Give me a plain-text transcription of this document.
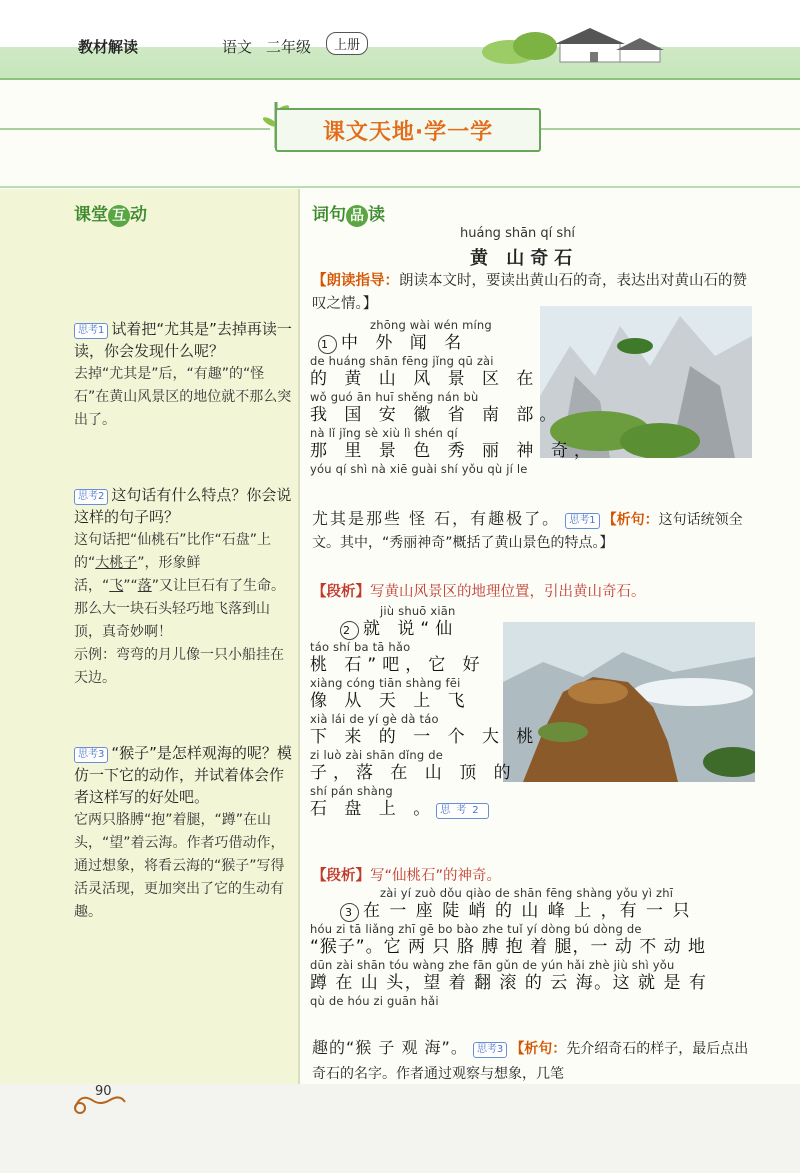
教材解读	语文 二年级	上册
课文天地·学一学
课堂 互 动
思考1 试着把“尤其是”去掉再读一读，你会发现什么呢？
去掉“尤其是”后，“有趣”的“怪石”在黄山风景区的地位就不那么突出了。
思考2 这句话有什么特点？你会说这样的句子吗？
这句话把“仙桃石”比作“石盘”上的“大桃子”，形象鲜活，“飞”“落”又让巨石有了生命。那么大一块石头轻巧地飞落到山顶，真奇妙啊！
示例：弯弯的月儿像一只小船挂在天边。
思考3 “猴子”是怎样观海的呢？模仿一下它的动作，并试着体会作者这样写的好处吧。
它两只胳膊“抱”着腿，“蹲”在山头，“望”着云海。作者巧借动作，通过想象，将看云海的“猴子”写得活灵活现，更加突出了它的生动有趣。
词句 品 读
huáng shān qí shí
黄 山奇石
【朗读指导：朗读本文时，要读出黄山石的奇，表达出对黄山石的赞叹之情。】
zhōng wài wén míng
1 中 外 闻 名
de huáng shān fēng jǐng qū zài
的 黄 山 风 景 区 在
wǒ guó ān huī shěng nán bù
我 国 安 徽 省 南 部。
nà lǐ jǐng sè xiù lì shén qí
那 里 景 色 秀 丽 神 奇，
yóu qí shì nà xiē guài shí yǒu qù jí le
尤其是那些 怪 石，有趣极了。 思考1 【析句：这句话统领全文。其中，“秀丽神奇”概括了黄山景色的特点。】
【段析】写黄山风景区的地理位置，引出黄山奇石。
jiù shuō xiān
2 就 说“仙
táo shí ba tā hǎo
桃 石”吧，它 好
xiàng cóng tiān shàng fēi
像 从 天 上 飞
xià lái de yí gè dà táo
下 来 的 一 个 大 桃
zi luò zài shān dǐng de
子，落 在 山 顶 的
shí pán shàng
石 盘 上 。 思考2
【段析】写“仙桃石”的神奇。
zài yí zuò dǒu qiào de shān fēng shàng yǒu yì zhī
3 在 一 座 陡 峭 的 山 峰 上 ，有 一 只
hóu zi tā liǎng zhī gē bo bào zhe tuǐ yí dòng bú dòng de
“猴子”。它 两 只 胳 膊 抱 着 腿，一 动 不 动 地
dūn zài shān tóu wàng zhe fān gǔn de yún hǎi zhè jiù shì yǒu
蹲 在 山 头，望 着 翻 滚 的 云 海。这 就 是 有
qù de hóu zi guān hǎi
趣的“猴 子 观 海”。 思考3 【析句：先介绍奇石的样子，最后点出奇石的名字。作者通过观察与想象，几笔
90
